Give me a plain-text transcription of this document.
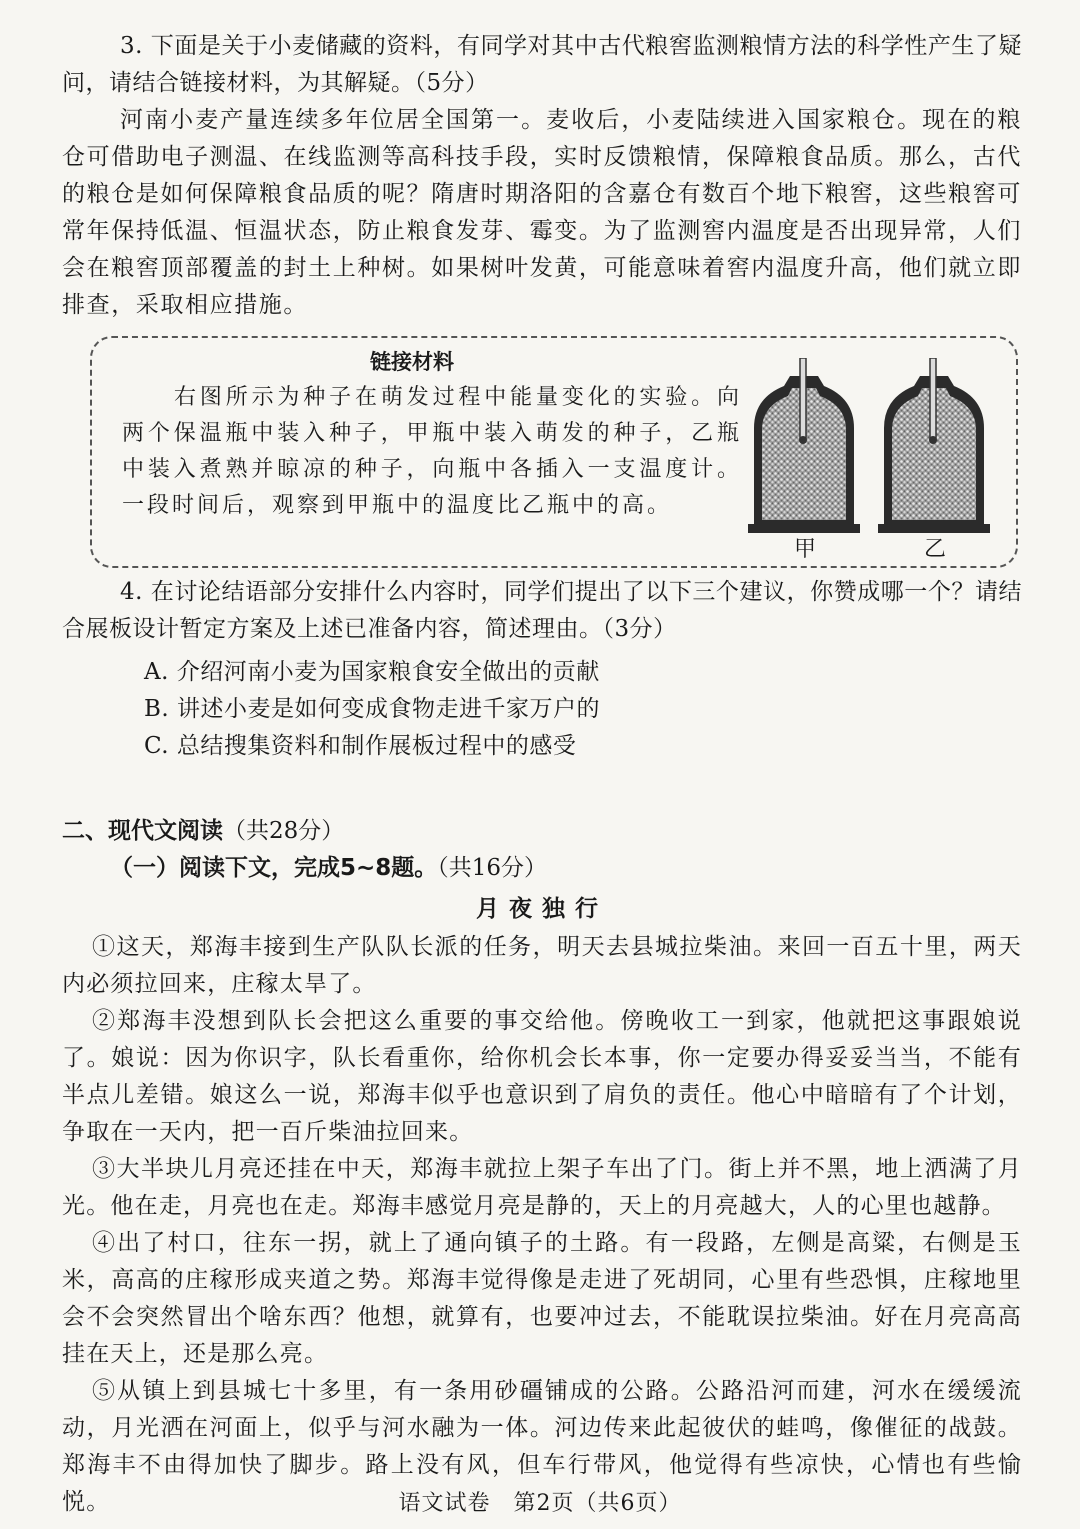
3. 下面是关于小麦储藏的资料，有同学对其中古代粮窖监测粮情方法的科学性产生了疑问，请结合链接材料，为其解疑。（5分）

河南小麦产量连续多年位居全国第一。麦收后，小麦陆续进入国家粮仓。现在的粮仓可借助电子测温、在线监测等高科技手段，实时反馈粮情，保障粮食品质。那么，古代的粮仓是如何保障粮食品质的呢？隋唐时期洛阳的含嘉仓有数百个地下粮窖，这些粮窖可常年保持低温、恒温状态，防止粮食发芽、霉变。为了监测窖内温度是否出现异常，人们会在粮窖顶部覆盖的封土上种树。如果树叶发黄，可能意味着窖内温度升高，他们就立即排查，采取相应措施。

链接材料

右图所示为种子在萌发过程中能量变化的实验。向两个保温瓶中装入种子，甲瓶中装入萌发的种子，乙瓶中装入煮熟并晾凉的种子，向瓶中各插入一支温度计。一段时间后，观察到甲瓶中的温度比乙瓶中的高。

甲	乙

4. 在讨论结语部分安排什么内容时，同学们提出了以下三个建议，你赞成哪一个？请结合展板设计暂定方案及上述已准备内容，简述理由。（3分）

A. 介绍河南小麦为国家粮食安全做出的贡献

B. 讲述小麦是如何变成食物走进千家万户的

C. 总结搜集资料和制作展板过程中的感受

二、现代文阅读（共28分）
（一）阅读下文，完成5~8题。（共16分）
月夜独行

①这天，郑海丰接到生产队队长派的任务，明天去县城拉柴油。来回一百五十里，两天内必须拉回来，庄稼太旱了。

②郑海丰没想到队长会把这么重要的事交给他。傍晚收工一到家，他就把这事跟娘说了。娘说：因为你识字，队长看重你，给你机会长本事，你一定要办得妥妥当当，不能有半点儿差错。娘这么一说，郑海丰似乎也意识到了肩负的责任。他心中暗暗有了个计划，争取在一天内，把一百斤柴油拉回来。

③大半块儿月亮还挂在中天，郑海丰就拉上架子车出了门。街上并不黑，地上洒满了月光。他在走，月亮也在走。郑海丰感觉月亮是静的，天上的月亮越大，人的心里也越静。

④出了村口，往东一拐，就上了通向镇子的土路。有一段路，左侧是高粱，右侧是玉米，高高的庄稼形成夹道之势。郑海丰觉得像是走进了死胡同，心里有些恐惧，庄稼地里会不会突然冒出个啥东西？他想，就算有，也要冲过去，不能耽误拉柴油。好在月亮高高挂在天上，还是那么亮。

⑤从镇上到县城七十多里，有一条用砂礓铺成的公路。公路沿河而建，河水在缓缓流动，月光洒在河面上，似乎与河水融为一体。河边传来此起彼伏的蛙鸣，像催征的战鼓。郑海丰不由得加快了脚步。路上没有风，但车行带风，他觉得有些凉快，心情也有些愉悦。	语文试卷　第2页（共6页）
